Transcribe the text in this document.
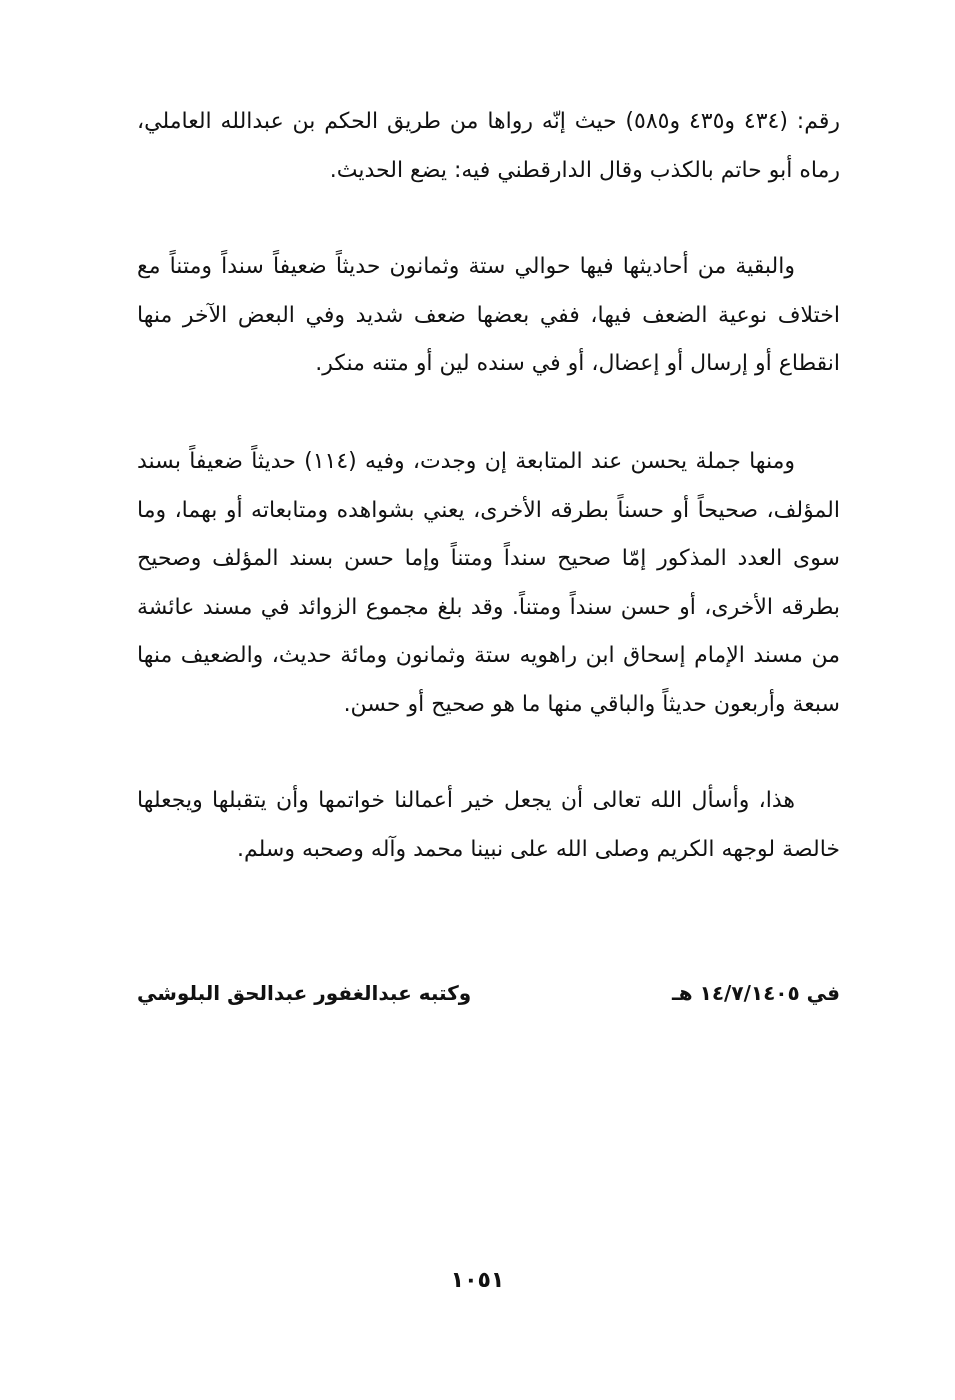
رقم: (٤٣٤ و٤٣٥ و٥٨٥) حيث إنّه رواها من طريق الحكم بن عبدالله العاملي، رماه أبو حاتم بالكذب وقال الدارقطني فيه: يضع الحديث.

والبقية من أحاديثها فيها حوالي ستة وثمانون حديثاً ضعيفاً سنداً ومتناً مع اختلاف نوعية الضعف فيها، ففي بعضها ضعف شديد وفي البعض الآخر منها انقطاع أو إرسال أو إعضال، أو في سنده لين أو متنه منكر.

ومنها جملة يحسن عند المتابعة إن وجدت، وفيه (١١٤) حديثاً ضعيفاً بسند المؤلف، صحيحاً أو حسناً بطرقه الأخرى، يعني بشواهده ومتابعاته أو بهما، وما سوى العدد المذكور إمّا صحيح سنداً ومتناً وإما حسن بسند المؤلف وصحيح بطرقه الأخرى، أو حسن سنداً ومتناً. وقد بلغ مجموع الزوائد في مسند عائشة من مسند الإمام إسحاق ابن راهويه ستة وثمانون ومائة حديث، والضعيف منها سبعة وأربعون حديثاً والباقي منها ما هو صحيح أو حسن.

هذا، وأسأل الله تعالى أن يجعل خير أعمالنا خواتمها وأن يتقبلها ويجعلها خالصة لوجهه الكريم وصلى الله على نبينا محمد وآله وصحبه وسلم.

في ١٤/٧/١٤٠٥ هـ
وكتبه عبدالغفور عبدالحق البلوشي
١٠٥١
